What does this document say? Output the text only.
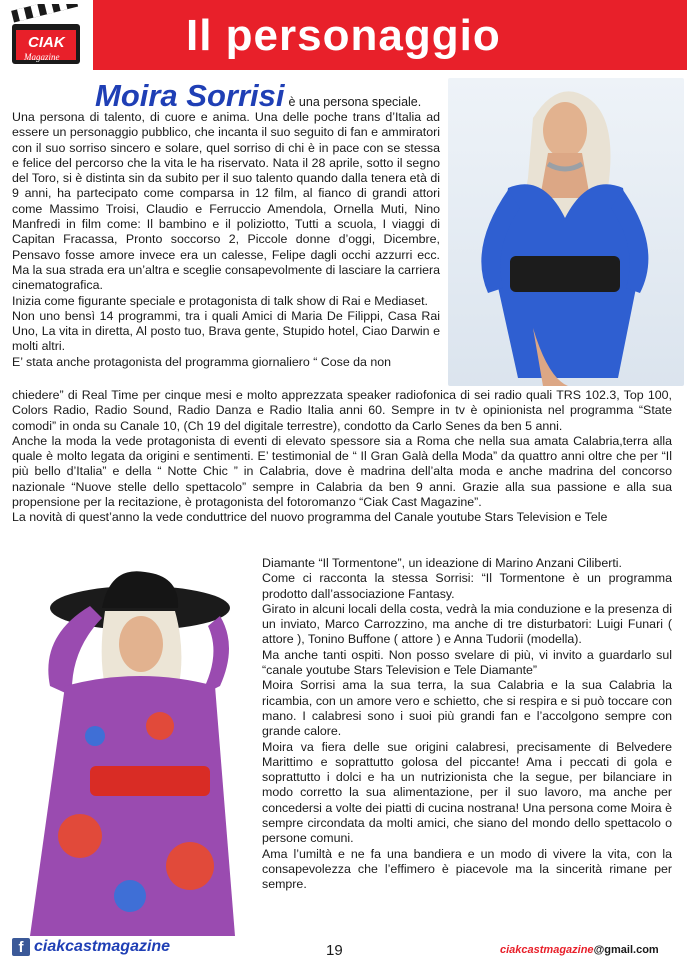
CIAK
Magazine	Il personaggio
Moira Sorrisi è una persona speciale.

Una persona di talento, di cuore e anima. Una delle poche trans d’Italia ad essere un personaggio pubblico, che incanta il suo seguito di fan e ammiratori con il suo sorriso sincero e solare, quel sorriso di chi è in pace con se stessa e felice del percorso che la vita le ha riservato. Nata il 28 aprile, sotto il segno del Toro, si è distinta sin da subito per il suo talento quando dalla tenera età di 9 anni, ha partecipato come comparsa in 12 film, al fianco di grandi attori come Massimo Troisi, Claudio e Ferruccio Amendola, Ornella Muti, Nino Manfredi in film come: Il bambino e il poliziotto, Tutti a scuola, I viaggi di Capitan Fracassa, Pronto soccorso 2, Piccole donne d’oggi, Dicembre, Pensavo fosse amore invece era un calesse, Felipe dagli occhi azzurri ecc. Ma la sua strada era un’altra e sceglie consapevolmente di lasciare la carriera cinematografica.

Inizia come figurante speciale e protagonista di talk show di Rai e Mediaset.

Non uno bensì 14 programmi, tra i quali Amici di Maria De Filippi, Casa Rai Uno, La vita in diretta, Al posto tuo, Brava gente, Stupido hotel, Ciao Darwin e molti altri.

E’ stata anche protagonista del programma giornaliero “ Cose da non

chiedere” di Real Time per cinque mesi e molto apprezzata speaker radiofonica di sei radio quali TRS 102.3, Top 100, Colors Radio, Radio Sound, Radio Danza e Radio Italia anni 60. Sempre in tv è opinionista nel programma “State comodi” in onda su Canale 10, (Ch 19 del digitale terrestre), condotto da Carlo Senes da ben 5 anni.

Anche la moda la vede protagonista di eventi di elevato spessore sia a Roma che nella sua amata Calabria,terra alla quale è molto legata da origini e sentimenti. E’ testimonial de “ Il Gran Galà della Moda” da quattro anni oltre che per “Il più bello d’Italia” e della “ Notte Chic ” in Calabria, dove è madrina dell’alta moda e anche madrina del concorso nazionale “Nuove stelle dello spettacolo” sempre in Calabria da ben 9 anni. Grazie alla sua passione e alla sua propensione per la recitazione, è protagonista del fotoromanzo “Ciak Cast Magazine”.

La novità di quest’anno la vede conduttrice del nuovo programma del Canale youtube Stars Television e Tele

Diamante “Il Tormentone”, un ideazione di Marino Anzani Ciliberti.

Come ci racconta la stessa Sorrisi: “Il Tormentone è un programma prodotto dall’associazione Fantasy.

Girato in alcuni locali della costa, vedrà la mia conduzione e la presenza di un inviato, Marco Carrozzino, ma anche di tre disturbatori: Luigi Funari ( attore ), Tonino Buffone ( attore ) e Anna Tudorii (modella).

Ma anche tanti ospiti. Non posso svelare di più, vi invito a guardarlo sul “canale youtube Stars Television e Tele Diamante”

Moira Sorrisi ama la sua terra, la sua Calabria e la sua Calabria la ricambia, con un amore vero e schietto, che si respira e si può toccare con mano. I calabresi sono i suoi più grandi fan e l’accolgono sempre con grande calore.

Moira va fiera delle sue origini calabresi, precisamente di Belvedere Marittimo e soprattutto golosa del piccante! Ama i peccati di gola e soprattutto i dolci e ha un nutrizionista che la segue, per bilanciare in modo corretto la sua alimentazione, per il suo lavoro, ma anche per concedersi a volte dei piatti di cucina nostrana! Una persona come Moira è sempre circondata da molti amici, che siano del mondo dello spettacolo o persone comuni.

Ama l’umiltà e ne fa una bandiera e un modo di vivere la vita, con la consapevolezza che l’effimero è piacevole ma la sincerità rimane per sempre.

f ciakcastmagazine	19	ciakcastmagazine@gmail.com
